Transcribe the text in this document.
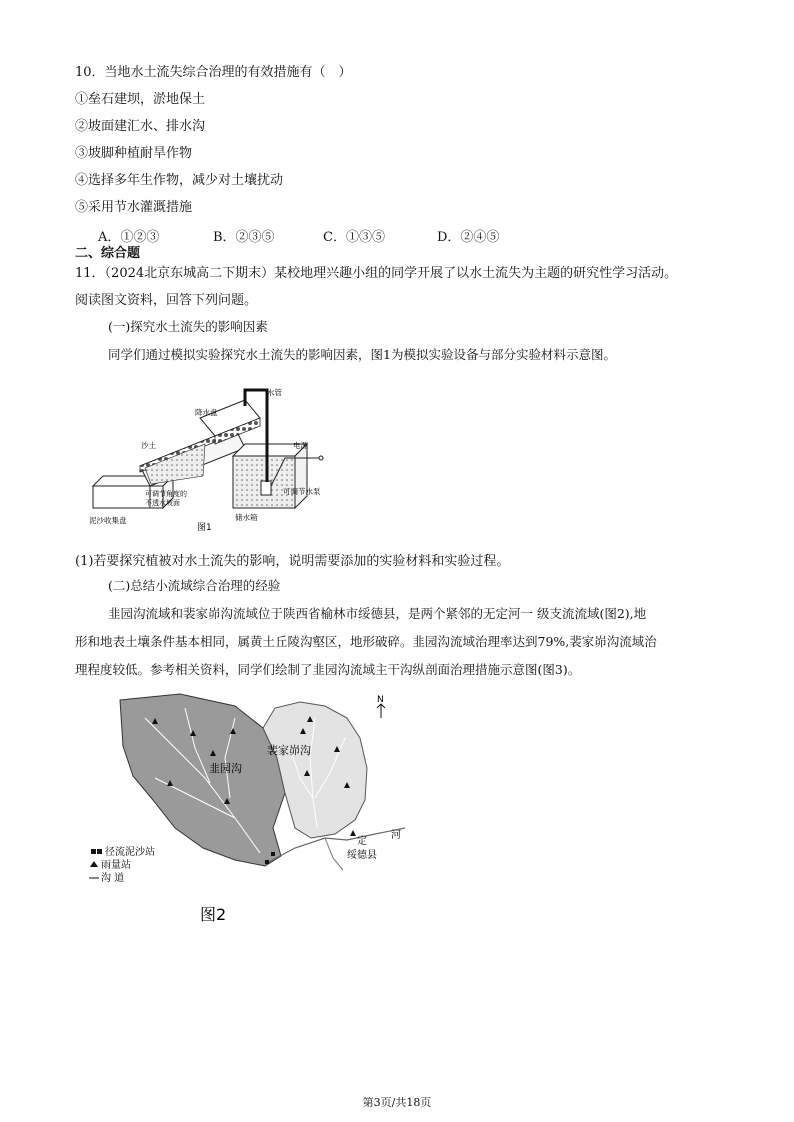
10．当地水土流失综合治理的有效措施有（　）
①垒石建坝，淤地保土
②坡面建汇水、排水沟
③坡脚种植耐旱作物
④选择多年生作物，减少对土壤扰动
⑤采用节水灌溉措施
A．①②③	B．②③⑤	C．①③⑤	D．②④⑤
二、综合题
11．（2024北京东城高二下期末）某校地理兴趣小组的同学开展了以水土流失为主题的研究性学习活动。
阅读图文资料，回答下列问题。
(一)探究水土流失的影响因素
同学们通过模拟实验探究水土流失的影响因素，图1为模拟实验设备与部分实验材料示意图。
水管
降水盘
沙土	电源
可调节角度的
不透水坡面
可调节水泵
泥沙收集盘	储水箱
图1
(1)若要探究植被对水土流失的影响，说明需要添加的实验材料和实验过程。
(二)总结小流域综合治理的经验
韭园沟流域和裴家峁沟流域位于陕西省榆林市绥德县，是两个紧邻的无定河一 级支流流域(图2),地
形和地表土壤条件基本相同，属黄土丘陵沟壑区，地形破碎。韭园沟流域治理率达到79%,裴家峁沟流域治
理程度较低。参考相关资料，同学们绘制了韭园沟流域主干沟纵剖面治理措施示意图(图3)。
韭园沟
裴家峁沟
河
定
绥德县
N
径流泥沙站
雨量站
沟 道
图2
第3页/共18页
